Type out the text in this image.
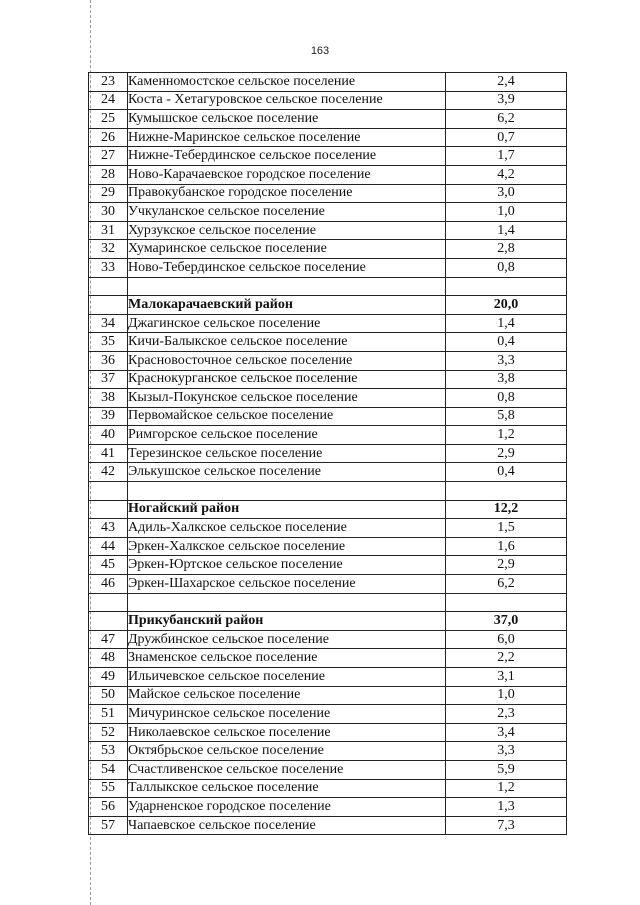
163
23	Каменномостское сельское поселение	2,4
24	Коста - Хетагуровское сельское поселение	3,9
25	Кумышское сельское поселение	6,2
26	Нижне-Маринское сельское поселение	0,7
27	Нижне-Тебердинское сельское поселение	1,7
28	Ново-Карачаевское городское поселение	4,2
29	Правокубанское городское поселение	3,0
30	Учкуланское сельское поселение	1,0
31	Хурзукское сельское поселение	1,4
32	Хумаринское сельское поселение	2,8
33	Ново-Тебердинское сельское поселение	0,8

	Малокарачаевский район	20,0
34	Джагинское сельское поселение	1,4
35	Кичи-Балыкское сельское поселение	0,4
36	Красновосточное сельское поселение	3,3
37	Краснокурганское сельское поселение	3,8
38	Кызыл-Покунское сельское поселение	0,8
39	Первомайское сельское поселение	5,8
40	Римгорское сельское поселение	1,2
41	Терезинское сельское поселение	2,9
42	Элькушское сельское поселение	0,4

	Ногайский район	12,2
43	Адиль-Халкское сельское поселение	1,5
44	Эркен-Халкское сельское поселение	1,6
45	Эркен-Юртское сельское поселение	2,9
46	Эркен-Шахарское сельское поселение	6,2

	Прикубанский район	37,0
47	Дружбинское сельское поселение	6,0
48	Знаменское сельское поселение	2,2
49	Ильичевское сельское поселение	3,1
50	Майское сельское поселение	1,0
51	Мичуринское сельское поселение	2,3
52	Николаевское сельское поселение	3,4
53	Октябрьское сельское поселение	3,3
54	Счастливенское сельское поселение	5,9
55	Таллыкское сельское поселение	1,2
56	Ударненское городское поселение	1,3
57	Чапаевское сельское поселение	7,3
